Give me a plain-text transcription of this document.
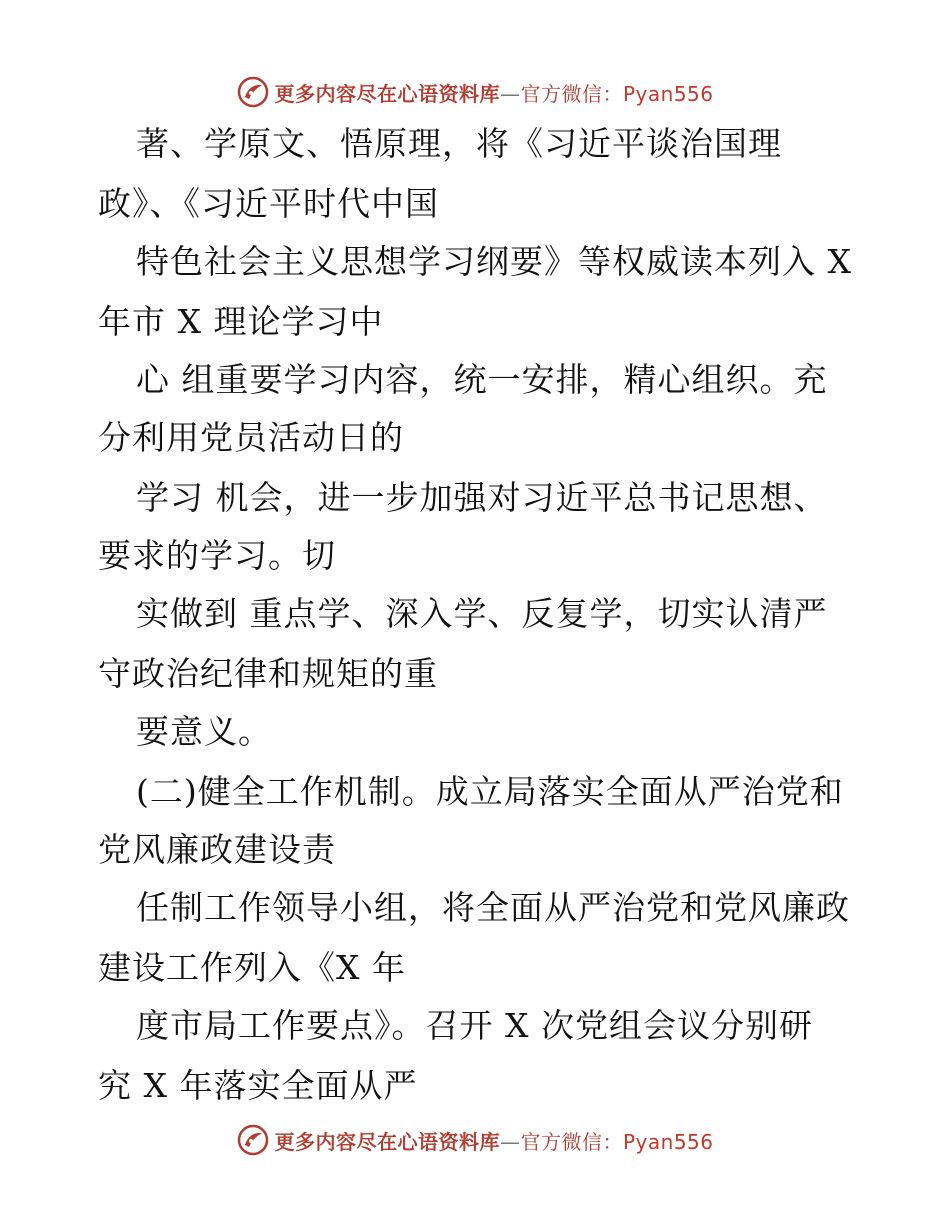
更多内容尽在心语资料库—官方微信：Pyan556
著、学原文、悟原理，将《习近平谈治国理
政》、《习近平时代中国
特色社会主义思想学习纲要》等权威读本列入 X
年市 X 理论学习中
心 组重要学习内容，统一安排，精心组织。充
分利用党员活动日的
学习 机会，进一步加强对习近平总书记思想、
要求的学习。切
实做到 重点学、深入学、反复学，切实认清严
守政治纪律和规矩的重
要意义。
(二)健全工作机制。成立局落实全面从严治党和
党风廉政建设责
任制工作领导小组，将全面从严治党和党风廉政
建设工作列入《X 年
度市局工作要点》。召开 X 次党组会议分别研
究 X 年落实全面从严
更多内容尽在心语资料库—官方微信：Pyan556
